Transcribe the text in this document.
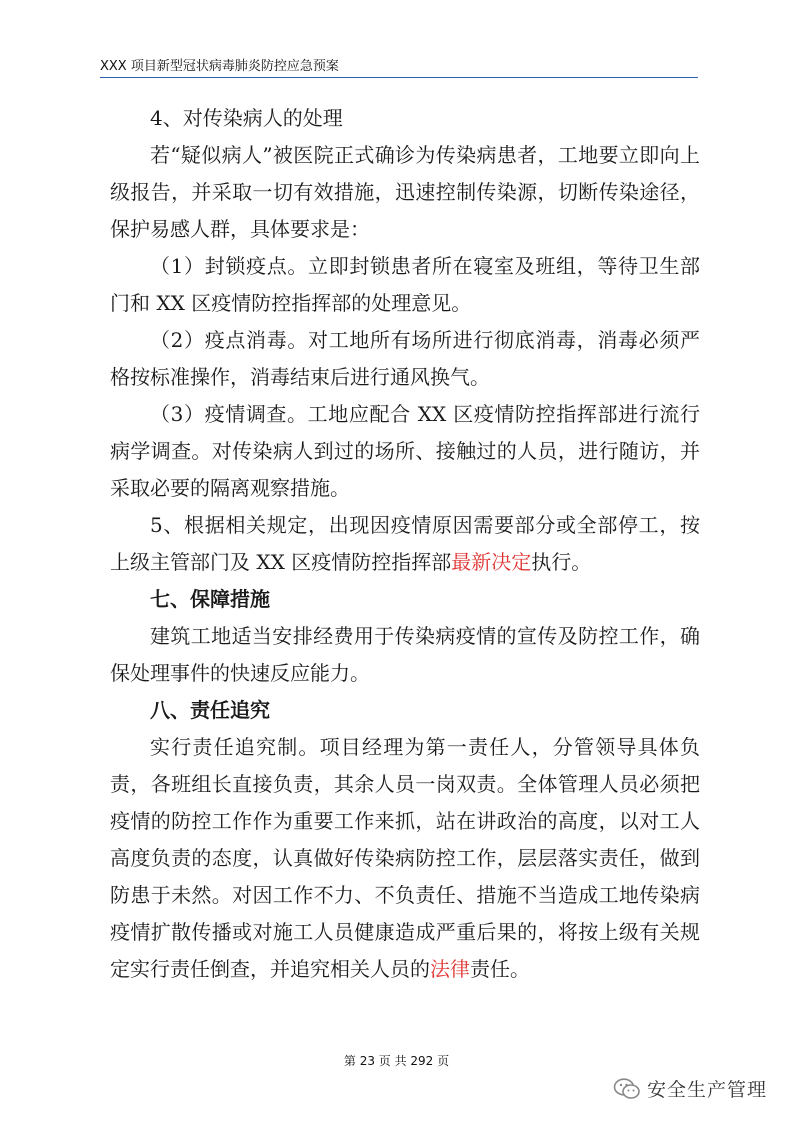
XXX 项目新型冠状病毒肺炎防控应急预案

4、对传染病人的处理

若“疑似病人”被医院正式确诊为传染病患者，工地要立即向上级报告，并采取一切有效措施，迅速控制传染源，切断传染途径，保护易感人群，具体要求是：

（1）封锁疫点。立即封锁患者所在寝室及班组，等待卫生部门和 XX 区疫情防控指挥部的处理意见。

（2）疫点消毒。对工地所有场所进行彻底消毒，消毒必须严格按标准操作，消毒结束后进行通风换气。

（3）疫情调查。工地应配合 XX 区疫情防控指挥部进行流行病学调查。对传染病人到过的场所、接触过的人员，进行随访，并采取必要的隔离观察措施。

5、根据相关规定，出现因疫情原因需要部分或全部停工，按上级主管部门及 XX 区疫情防控指挥部最新决定执行。

七、保障措施

建筑工地适当安排经费用于传染病疫情的宣传及防控工作，确保处理事件的快速反应能力。

八、责任追究

实行责任追究制。项目经理为第一责任人，分管领导具体负责，各班组长直接负责，其余人员一岗双责。全体管理人员必须把疫情的防控工作作为重要工作来抓，站在讲政治的高度，以对工人高度负责的态度，认真做好传染病防控工作，层层落实责任，做到防患于未然。对因工作不力、不负责任、措施不当造成工地传染病疫情扩散传播或对施工人员健康造成严重后果的，将按上级有关规定实行责任倒查，并追究相关人员的法律责任。

第 23 页 共 292 页
安全生产管理
